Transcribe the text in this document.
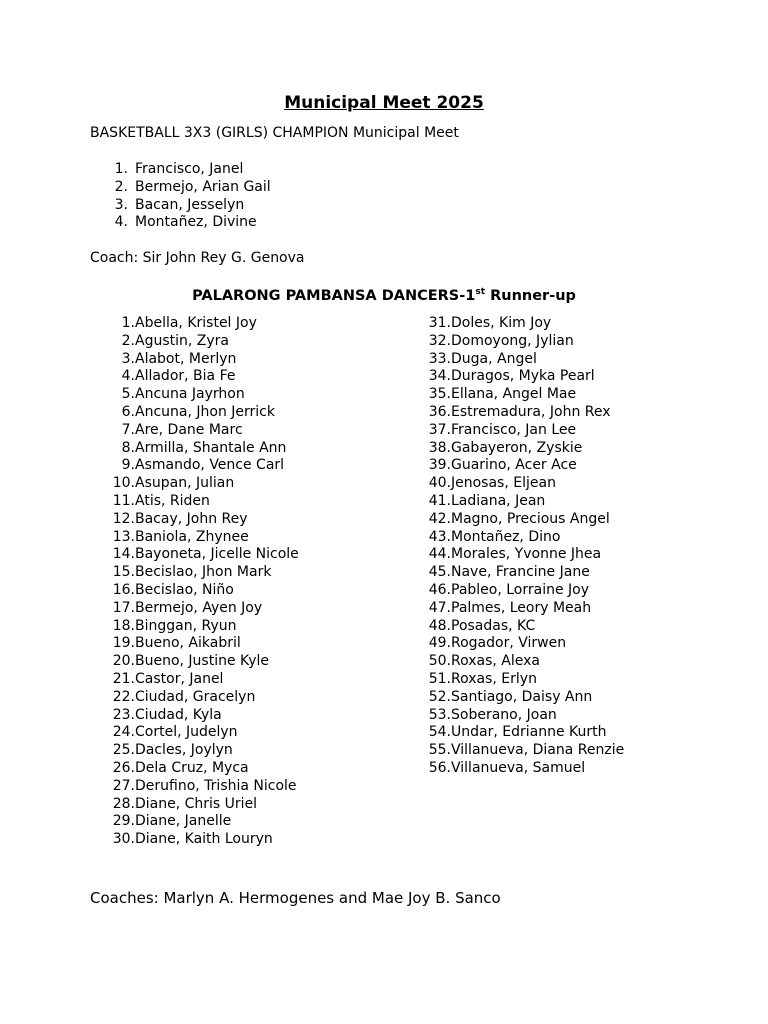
Municipal Meet 2025
BASKETBALL 3X3 (GIRLS) CHAMPION Municipal Meet
1. Francisco, Janel
2. Bermejo, Arian Gail
3. Bacan, Jesselyn
4. Montañez, Divine
Coach: Sir John Rey G. Genova
PALARONG PAMBANSA DANCERS-1st Runner-up
1.Abella, Kristel Joy
2.Agustin, Zyra
3.Alabot, Merlyn
4.Allador, Bia Fe
5.Ancuna Jayrhon
6.Ancuna, Jhon Jerrick
7.Are, Dane Marc
8.Armilla, Shantale Ann
9.Asmando, Vence Carl
10.Asupan, Julian
11.Atis, Riden
12.Bacay, John Rey
13.Baniola, Zhynee
14.Bayoneta, Jicelle Nicole
15.Becislao, Jhon Mark
16.Becislao, Niño
17.Bermejo, Ayen Joy
18.Binggan, Ryun
19.Bueno, Aikabril
20.Bueno, Justine Kyle
21.Castor, Janel
22.Ciudad, Gracelyn
23.Ciudad, Kyla
24.Cortel, Judelyn
25.Dacles, Joylyn
26.Dela Cruz, Myca
27.Derufino, Trishia Nicole
28.Diane, Chris Uriel
29.Diane, Janelle
30.Diane, Kaith Louryn
31.Doles, Kim Joy
32.Domoyong, Jylian
33.Duga, Angel
34.Duragos, Myka Pearl
35.Ellana, Angel Mae
36.Estremadura, John Rex
37.Francisco, Jan Lee
38.Gabayeron, Zyskie
39.Guarino, Acer Ace
40.Jenosas, Eljean
41.Ladiana, Jean
42.Magno, Precious Angel
43.Montañez, Dino
44.Morales, Yvonne Jhea
45.Nave, Francine Jane
46.Pableo, Lorraine Joy
47.Palmes, Leory Meah
48.Posadas, KC
49.Rogador, Virwen
50.Roxas, Alexa
51.Roxas, Erlyn
52.Santiago, Daisy Ann
53.Soberano, Joan
54.Undar, Edrianne Kurth
55.Villanueva, Diana Renzie
56.Villanueva, Samuel
Coaches: Marlyn A. Hermogenes and Mae Joy B. Sanco
